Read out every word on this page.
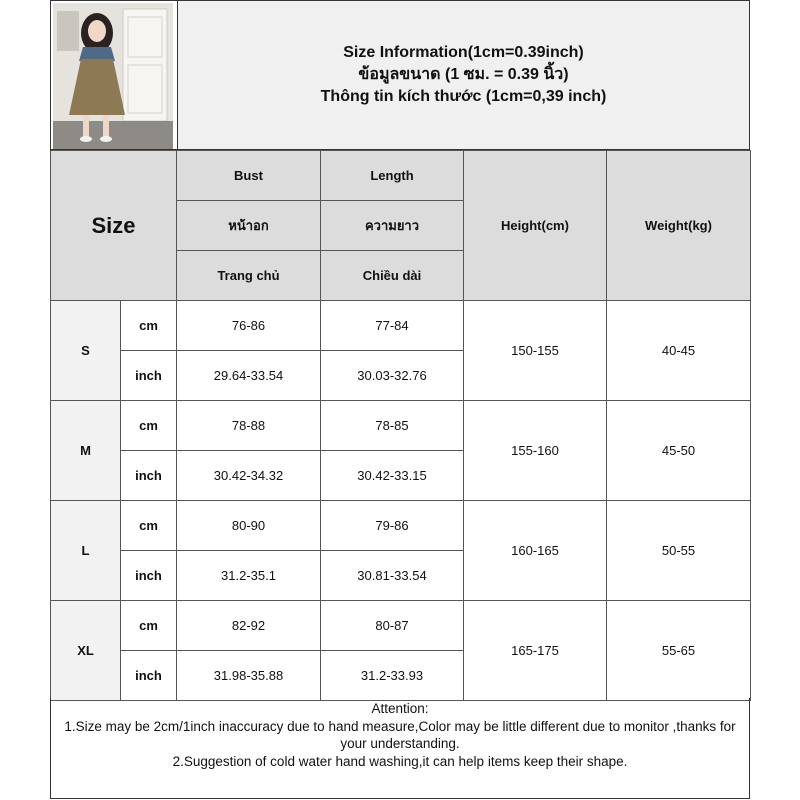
Size Information(1cm=0.39inch)
ข้อมูลขนาด (1 ซม. = 0.39 นิ้ว)
Thông tin kích thước (1cm=0,39 inch)
Size		Bust	Length	Height(cm)	Weight(kg)
		หน้าอก	ความยาว		
		Trang chủ	Chiều dài		
S	cm	76-86	77-84	150-155	40-45
	inch	29.64-33.54	30.03-32.76		
M	cm	78-88	78-85	155-160	45-50
	inch	30.42-34.32	30.42-33.15		
L	cm	80-90	79-86	160-165	50-55
	inch	31.2-35.1	30.81-33.54		
XL	cm	82-92	80-87	165-175	55-65
	inch	31.98-35.88	31.2-33.93		
Attention:
1.Size may be 2cm/1inch inaccuracy due to hand measure,Color may be little different due to monitor ,thanks for your understanding.
2.Suggestion of cold water hand washing,it can help items keep their shape.
